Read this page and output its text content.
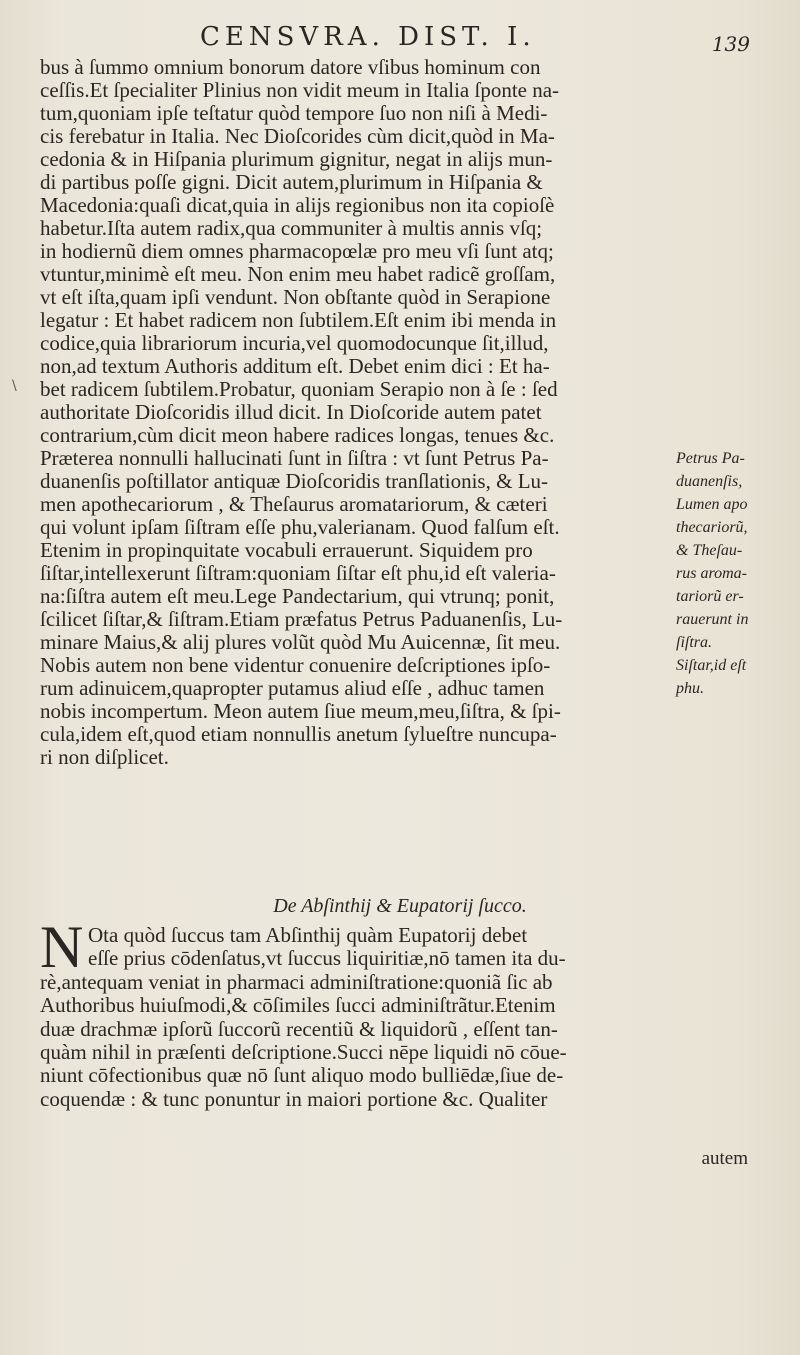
CENSVRA. DIST. I.	139
\
bus à ſummo omnium bonorum datore vſibus hominum con
ceſſis.Et ſpecialiter Plinius non vidit meum in Italia ſponte na-
tum,quoniam ipſe teſtatur quòd tempore ſuo non niſi à Medi-
cis ferebatur in Italia. Nec Dioſcorides cùm dicit,quòd in Ma-
cedonia & in Hiſpania plurimum gignitur, negat in alijs mun-
di partibus poſſe gigni. Dicit autem,plurimum in Hiſpania &
Macedonia:quaſi dicat,quia in alijs regionibus non ita copioſè
habetur.Iſta autem radix,qua communiter à multis annis vſq;
in hodiernũ diem omnes pharmacopœlæ pro meu vſi ſunt atq;
vtuntur,minimè eſt meu. Non enim meu habet radicẽ groſſam,
vt eſt iſta,quam ipſi vendunt. Non obſtante quòd in Serapione
legatur : Et habet radicem non ſubtilem.Eſt enim ibi menda in
codice,quia librariorum incuria,vel quomodocunque ſit,illud,
non,ad textum Authoris additum eſt. Debet enim dici : Et ha-
bet radicem ſubtilem.Probatur, quoniam Serapio non à ſe : ſed
authoritate Dioſcoridis illud dicit. In Dioſcoride autem patet
contrarium,cùm dicit meon habere radices longas, tenues &c.
Præterea nonnulli hallucinati ſunt in ſiſtra : vt ſunt Petrus Pa-
duanenſis poſtillator antiquæ Dioſcoridis tranſlationis, & Lu-
men apothecariorum , & Theſaurus aromatariorum, & cæteri
qui volunt ipſam ſiſtram eſſe phu,valerianam. Quod falſum eſt.
Etenim in propinquitate vocabuli errauerunt. Siquidem pro
ſiſtar,intellexerunt ſiſtram:quoniam ſiſtar eſt phu,id eſt valeria-
na:ſiſtra autem eſt meu.Lege Pandectarium, qui vtrunq; ponit,
ſcilicet ſiſtar,& ſiſtram.Etiam præfatus Petrus Paduanenſis, Lu-
minare Maius,& alij plures volũt quòd Mu Auicennæ, ſit meu.
Nobis autem non bene videntur conuenire deſcriptiones ipſo-
rum adinuicem,quapropter putamus aliud eſſe , adhuc tamen
nobis incompertum. Meon autem ſiue meum,meu,ſiſtra, & ſpi-
cula,idem eſt,quod etiam nonnullis anetum ſylueſtre nuncupa-
ri non diſplicet.
Petrus Pa-
duanenſis,
Lumen apo
thecariorũ,
& Theſau-
rus aroma-
tariorũ er-
rauerunt in
ſiſtra.
Siſtar,id eſt
phu.
De Abſinthij & Eupatorij ſucco.
N Ota quòd ſuccus tam Abſinthij quàm Eupatorij debet
eſſe prius cōdenſatus,vt ſuccus liquiritiæ,nō tamen ita du-
rè,antequam veniat in pharmaci adminiſtratione:quoniã ſic ab
Authoribus huiuſmodi,& cōſimiles ſucci adminiſtrãtur.Etenim
duæ drachmæ ipſorũ ſuccorũ recentiũ & liquidorũ , eſſent tan-
quàm nihil in præſenti deſcriptione.Succi nēpe liquidi nō cōue-
niunt cōfectionibus quæ nō ſunt aliquo modo bulliēdæ,ſiue de-
coquendæ : & tunc ponuntur in maiori portione &c. Qualiter
autem
